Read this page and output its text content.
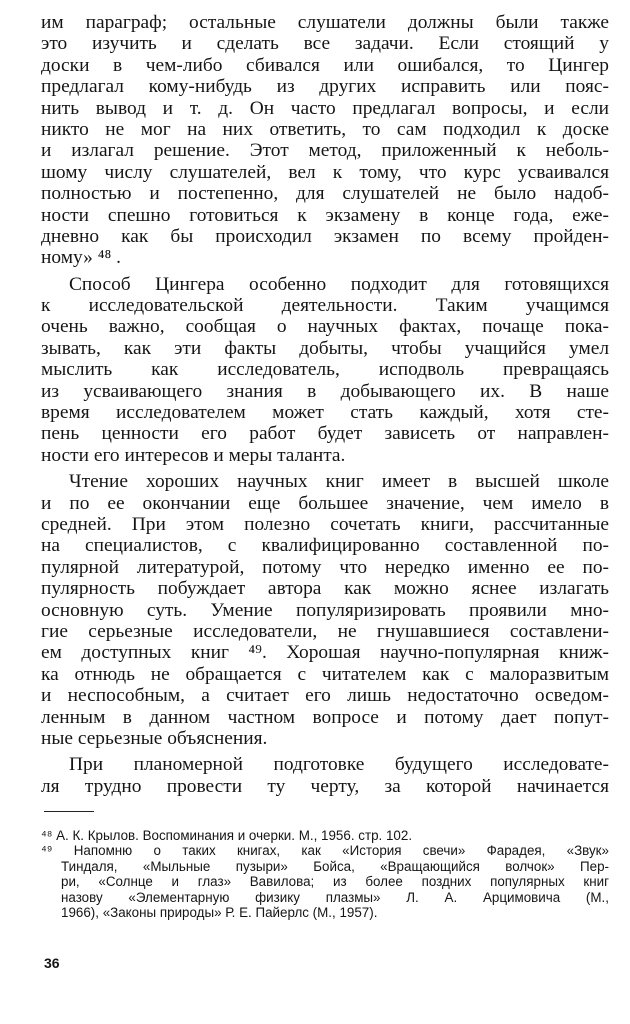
им параграф; остальные слушатели должны были также
это изучить и сделать все задачи. Если стоящий у
доски в чем-либо сбивался или ошибался, то Цингер
предлагал кому-нибудь из других исправить или пояс-
нить вывод и т. д. Он часто предлагал вопросы, и если
никто не мог на них ответить, то сам подходил к доске
и излагал решение. Этот метод, приложенный к неболь-
шому числу слушателей, вел к тому, что курс усваивался
полностью и постепенно, для слушателей не было надоб-
ности спешно готовиться к экзамену в конце года, еже-
дневно как бы происходил экзамен по всему пройден-
ному» ⁴⁸ .
Способ Цингера особенно подходит для готовящихся
к исследовательской деятельности. Таким учащимся
очень важно, сообщая о научных фактах, почаще пока-
зывать, как эти факты добыты, чтобы учащийся умел
мыслить как исследователь, исподволь превращаясь
из усваивающего знания в добывающего их. В наше
время исследователем может стать каждый, хотя сте-
пень ценности его работ будет зависеть от направлен-
ности его интересов и меры таланта.
Чтение хороших научных книг имеет в высшей школе
и по ее окончании еще большее значение, чем имело в
средней. При этом полезно сочетать книги, рассчитанные
на специалистов, с квалифицированно составленной по-
пулярной литературой, потому что нередко именно ее по-
пулярность побуждает автора как можно яснее излагать
основную суть. Умение популяризировать проявили мно-
гие серьезные исследователи, не гнушавшиеся составлени-
ем доступных книг ⁴⁹. Хорошая научно-популярная книж-
ка отнюдь не обращается с читателем как с малоразвитым
и неспособным, а считает его лишь недостаточно осведом-
ленным в данном частном вопросе и потому дает попут-
ные серьезные объяснения.
При планомерной подготовке будущего исследовате-
ля трудно провести ту черту, за которой начинается
⁴⁸ А. К. Крылов. Воспоминания и очерки. М., 1956. стр. 102.
⁴⁹ Напомню о таких книгах, как «История свечи» Фарадея, «Звук»
Тиндаля, «Мыльные пузыри» Бойса, «Вращающийся волчок» Пер-
ри, «Солнце и глаз» Вавилова; из более поздних популярных книг
назову «Элементарную физику плазмы» Л. А. Арцимовича (М.,
1966), «Законы природы» Р. Е. Пайерлс (М., 1957).
36
